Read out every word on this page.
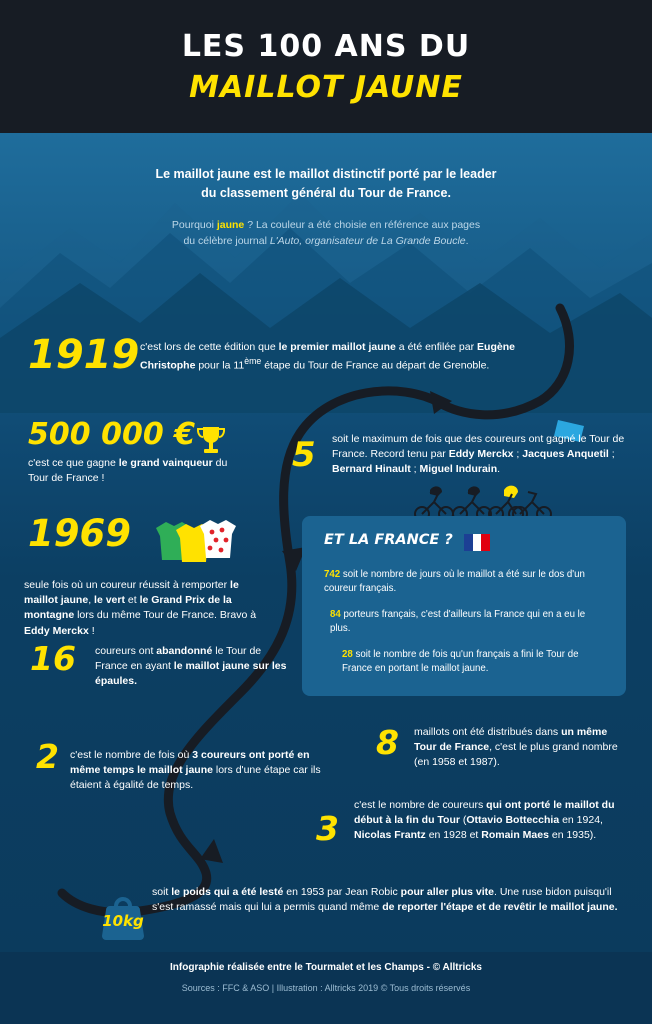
LES 100 ANS DU
MAILLOT JAUNE
Le maillot jaune est le maillot distinctif porté par le leader
du classement général du Tour de France.
Pourquoi jaune ? La couleur a été choisie en référence aux pages
du célèbre journal L'Auto, organisateur de La Grande Boucle.
1919 c'est lors de cette édition que le premier maillot jaune a été enfilée par Eugène Christophe pour la 11ème étape du Tour de France au départ de Grenoble.
500 000 €
c'est ce que gagne le grand vainqueur du Tour de France !
1969
seule fois où un coureur réussit à remporter le maillot jaune, le vert et le Grand Prix de la montagne lors du même Tour de France. Bravo à Eddy Merckx !
16	coureurs ont abandonné le Tour de France en ayant le maillot jaune sur les épaules.
2	c'est le nombre de fois où 3 coureurs ont porté en même temps le maillot jaune lors d'une étape car ils étaient à égalité de temps.
5	soit le maximum de fois que des coureurs ont gagné le Tour de France. Record tenu par Eddy Merckx ; Jacques Anquetil ; Bernard Hinault ; Miguel Indurain.
ET LA FRANCE ?
742 soit le nombre de jours où le maillot a été sur le dos d'un coureur français.
84 porteurs français, c'est d'ailleurs la France qui en a eu le plus.
28 soit le nombre de fois qu'un français a fini le Tour de France en portant le maillot jaune.
8	maillots ont été distribués dans un même Tour de France, c'est le plus grand nombre (en 1958 et 1987).
3
c'est le nombre de coureurs qui ont porté le maillot du début à la fin du Tour (Ottavio Bottecchia en 1924, Nicolas Frantz en 1928 et Romain Maes en 1935).
10kg
soit le poids qui a été lesté en 1953 par Jean Robic pour aller plus vite. Une ruse bidon puisqu'il s'est ramassé mais qui lui a permis quand même de reporter l'étape et de revêtir le maillot jaune.
Infographie réalisée entre le Tourmalet et les Champs - © Alltricks
Sources : FFC & ASO | Illustration : Alltricks 2019 © Tous droits réservés
